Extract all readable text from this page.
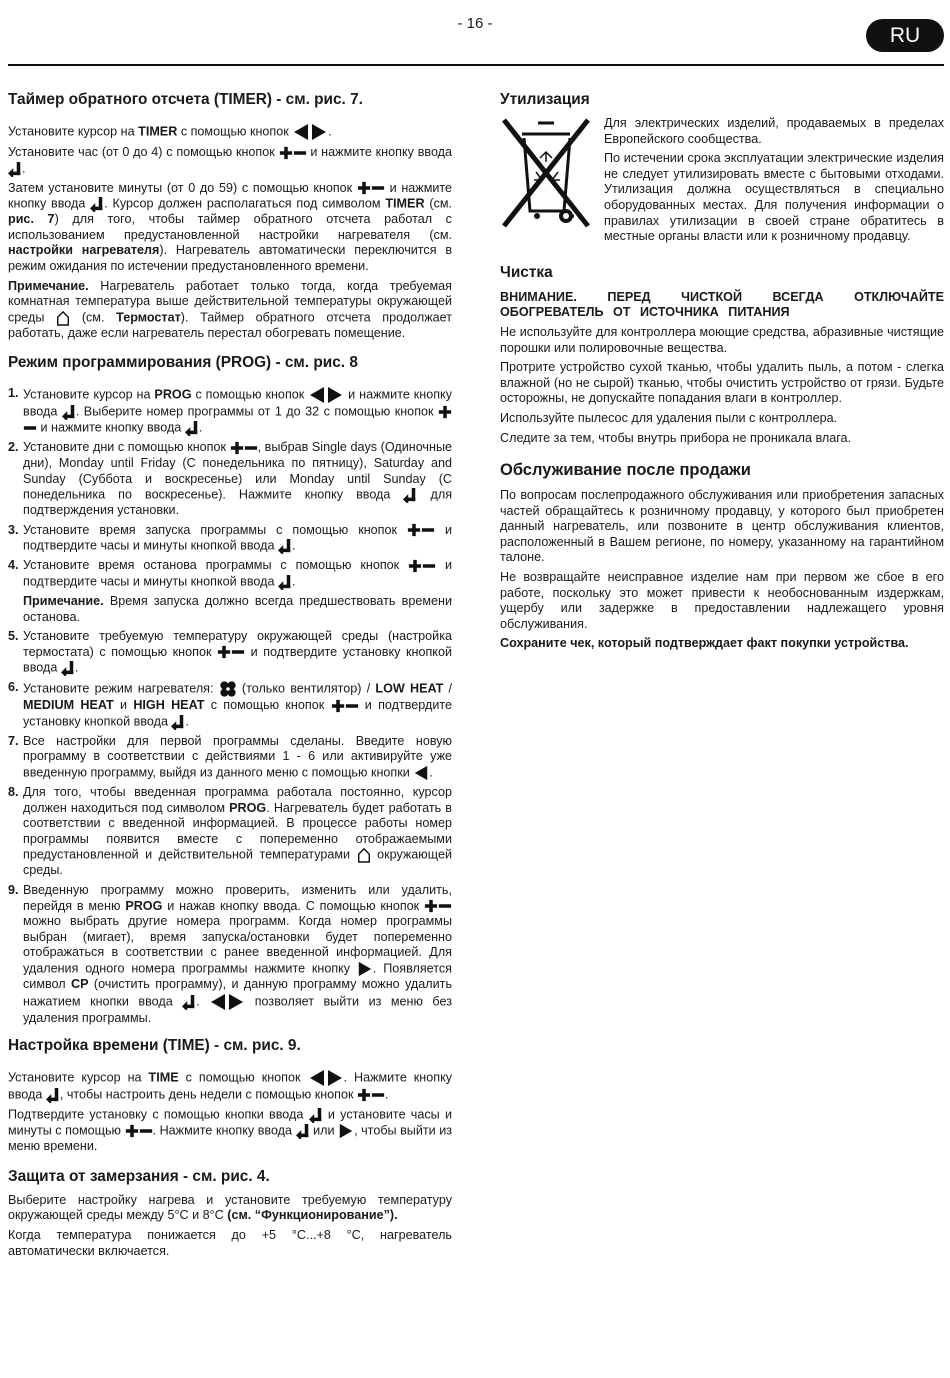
- 16 -
RU
Таймер обратного отсчета (TIMER) - см. рис. 7.

Установите курсор на TIMER с помощью кнопок	.

Установите час (от 0 до 4) с помощью кнопок	и нажмите кнопку ввода .

Затем установите минуты (от 0 до 59) с помощью кнопок	и нажмите кнопку ввода . Курсор должен располагаться под символом TIMER (см. рис. 7) для того, чтобы таймер обратного отсчета работал с использованием предустановленной настройки нагревателя (см. настройки нагревателя). Нагреватель автоматически переключится в режим ожидания по истечении предустановленного времени.

Примечание. Нагреватель работает только тогда, когда требуемая комнатная температура выше действительной температуры окружающей среды	(см. Термостат). Таймер обратного отсчета продолжает работать, даже если нагреватель перестал обогревать помещение.

Режим программирования (PROG) - см. рис. 8
1. Установите курсор на PROG с помощью кнопок	и нажмите кнопку ввода . Выберите номер программы от 1 до 32 с помощью кнопок  и нажмите кнопку ввода .
2. Установите дни с помощью кнопок	, выбрав Single days (Одиночные дни), Monday until Friday (С понедельника по пятницу), Saturday and Sunday (Суббота и воскресенье) или Monday until Sunday (С понедельника по воскресенье). Нажмите кнопку ввода	для подтверждения установки.
3. Установите время запуска программы с помощью кнопок	и подтвердите часы и минуты кнопкой ввода .
4. Установите время останова программы с помощью кнопок	и подтвердите часы и минуты кнопкой ввода .
Примечание. Время запуска должно всегда предшествовать времени останова.
5. Установите требуемую температуру окружающей среды (настройка термостата) с помощью кнопок	и подтвердите установку кнопкой ввода .
6. Установите режим нагревателя: (только вентилятор) / LOW HEAT / MEDIUM HEAT и HIGH HEAT с помощью кнопок	и подтвердите установку кнопкой ввода .
7. Все настройки для первой программы сделаны. Введите новую программу в соответствии с действиями 1 - 6 или активируйте уже введенную программу, выйдя из данного меню с помощью кнопки .
8. Для того, чтобы введенная программа работала постоянно, курсор должен находиться под символом PROG. Нагреватель будет работать в соответствии с введенной информацией. В процессе работы номер программы появится вместе с попеременно отображаемыми предустановленной и действительной температурами окружающей среды.
9. Введенную программу можно проверить, изменить или удалить, перейдя в меню PROG и нажав кнопку ввода. С помощью кнопок  можно выбрать другие номера программ. Когда номер программы выбран (мигает), время запуска/остановки будет попеременно отображаться в соответствии с ранее введенной информацией. Для удаления одного номера программы нажмите кнопку . Появляется символ CP (очистить программу), и данную программу можно удалить нажатием кнопки ввода .	позволяет выйти из меню без удаления программы.
Настройка времени (TIME) - см. рис. 9.

Установите курсор на TIME с помощью кнопок	. Нажмите кнопку ввода , чтобы настроить день недели с помощью кнопок	.

Подтвердите установку с помощью кнопки ввода и установите часы и минуты с помощью	. Нажмите кнопку ввода или , чтобы выйти из меню времени.

Защита от замерзания - см. рис. 4.

Выберите настройку нагрева и установите требуемую температуру окружающей среды между 5°C и 8°C (см. “Функционирование”).

Когда температура понижается до +5 °C...+8 °C, нагреватель автоматически включается.

Утилизация

Для электрических изделий, продаваемых в пределах Европейского сообщества.

По истечении срока эксплуатации электрические изделия не следует утилизировать вместе с бытовыми отходами. Утилизация должна осуществляться в специально оборудованных местах. Для получения информации о правилах утилизации в своей стране обратитесь в местные органы власти или к розничному продавцу.

Чистка

ВНИМАНИЕ. ПЕРЕД ЧИСТКОЙ ВСЕГДА ОТКЛЮЧАЙТЕ ОБОГРЕВАТЕЛЬ ОТ ИСТОЧНИКА ПИТАНИЯ

Не используйте для контроллера моющие средства, абразивные чистящие порошки или полировочные вещества.

Протрите устройство сухой тканью, чтобы удалить пыль, а потом - слегка влажной (но не сырой) тканью, чтобы очистить устройство от грязи. Будьте осторожны, не допускайте попадания влаги в контроллер.

Используйте пылесос для удаления пыли с контроллера.

Следите за тем, чтобы внутрь прибора не проникала влага.

Обслуживание после продажи

По вопросам послепродажного обслуживания или приобретения запасных частей обращайтесь к розничному продавцу, у которого был приобретен данный нагреватель, или позвоните в центр обслуживания клиентов, расположенный в Вашем регионе, по номеру, указанному на гарантийном талоне.

Не возвращайте неисправное изделие нам при первом же сбое в его работе, поскольку это может привести к необоснованным издержкам, ущербу или задержке в предоставлении надлежащего уровня обслуживания.

Сохраните чек, который подтверждает факт покупки устройства.
